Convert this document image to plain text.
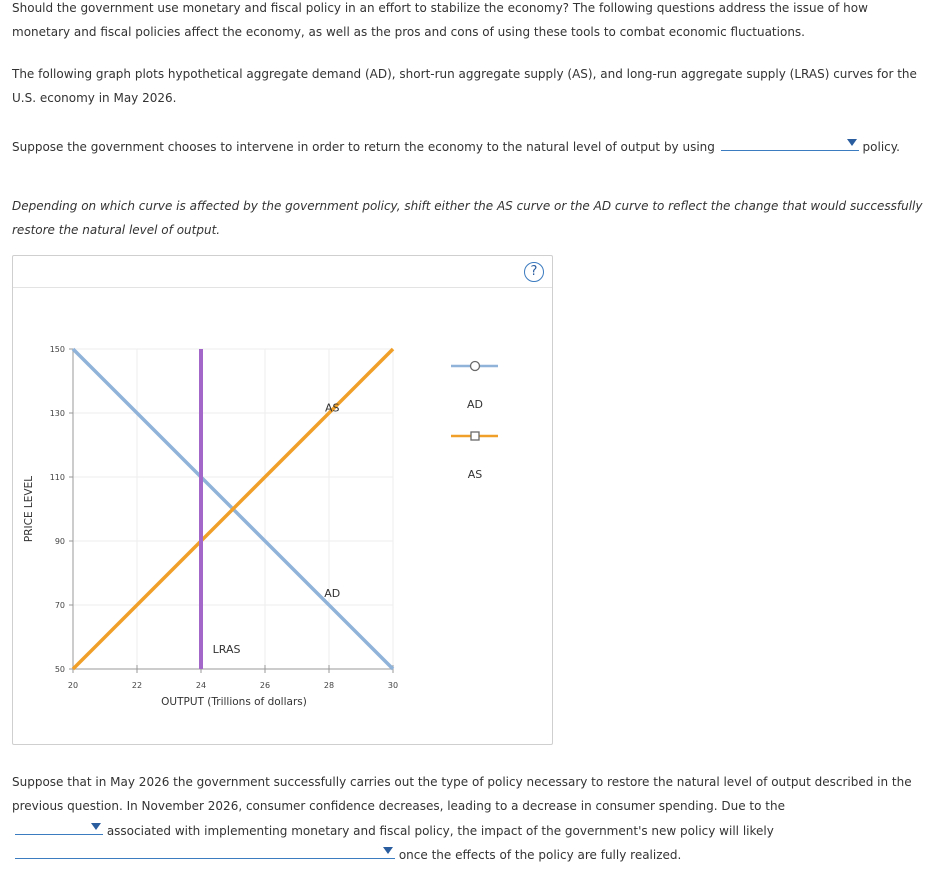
Should the government use monetary and fiscal policy in an effort to stabilize the economy? The following questions address the issue of how

monetary and fiscal policies affect the economy, as well as the pros and cons of using these tools to combat economic fluctuations.

The following graph plots hypothetical aggregate demand (AD), short-run aggregate supply (AS), and long-run aggregate supply (LRAS) curves for the

U.S. economy in May 2026.

Suppose the government chooses to intervene in order to return the economy to the natural level of output by using	policy.

Depending on which curve is affected by the government policy, shift either the AS curve or the AD curve to reflect the change that would successfully

restore the natural level of output.

?
50
70
90
110
130
150
20	22	24	26	28	30
AD
AS
LRAS
PRICE LEVEL
OUTPUT (Trillions of dollars)
AD
AS

Suppose that in May 2026 the government successfully carries out the type of policy necessary to restore the natural level of output described in the

previous question. In November 2026, consumer confidence decreases, leading to a decrease in consumer spending. Due to the

associated with implementing monetary and fiscal policy, the impact of the government's new policy will likely

once the effects of the policy are fully realized.
